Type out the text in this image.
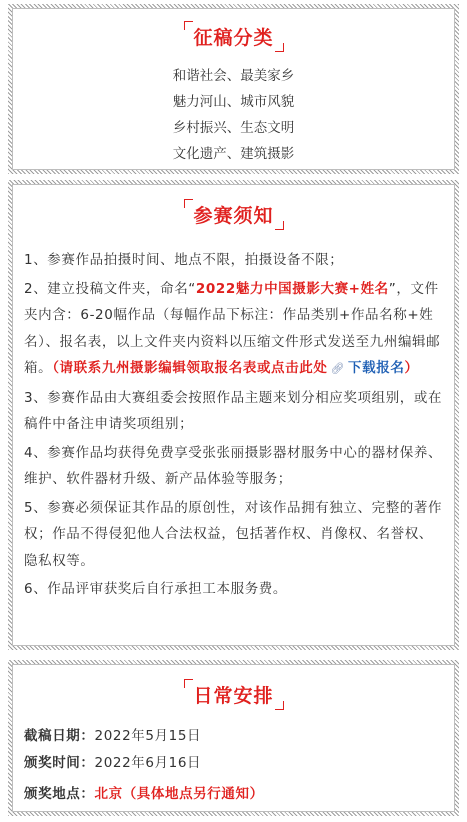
征稿分类
和谐社会、最美家乡
魅力河山、城市风貌
乡村振兴、生态文明
文化遗产、建筑摄影
参赛须知

1、参赛作品拍摄时间、地点不限，拍摄设备不限；

2、建立投稿文件夹，命名“2022魅力中国摄影大赛+姓名”，文件夹内含：6-20幅作品（每幅作品下标注：作品类别+作品名称+姓名）、报名表，以上文件夹内资料以压缩文件形式发送至九州编辑邮箱。（请联系九州摄影编辑领取报名表或点击此处 🔗︎ 下载报名）

3、参赛作品由大赛组委会按照作品主题来划分相应奖项组别，或在稿件中备注申请奖项组别；

4、参赛作品均获得免费享受张张丽摄影器材服务中心的器材保养、维护、软件器材升级、新产品体验等服务；

5、参赛必须保证其作品的原创性，对该作品拥有独立、完整的著作权；作品不得侵犯他人合法权益，包括著作权、肖像权、名誉权、隐私权等。

6、作品评审获奖后自行承担工本服务费。

日常安排
截稿日期：2022年5月15日
颁奖时间：2022年6月16日
颁奖地点：北京（具体地点另行通知）
